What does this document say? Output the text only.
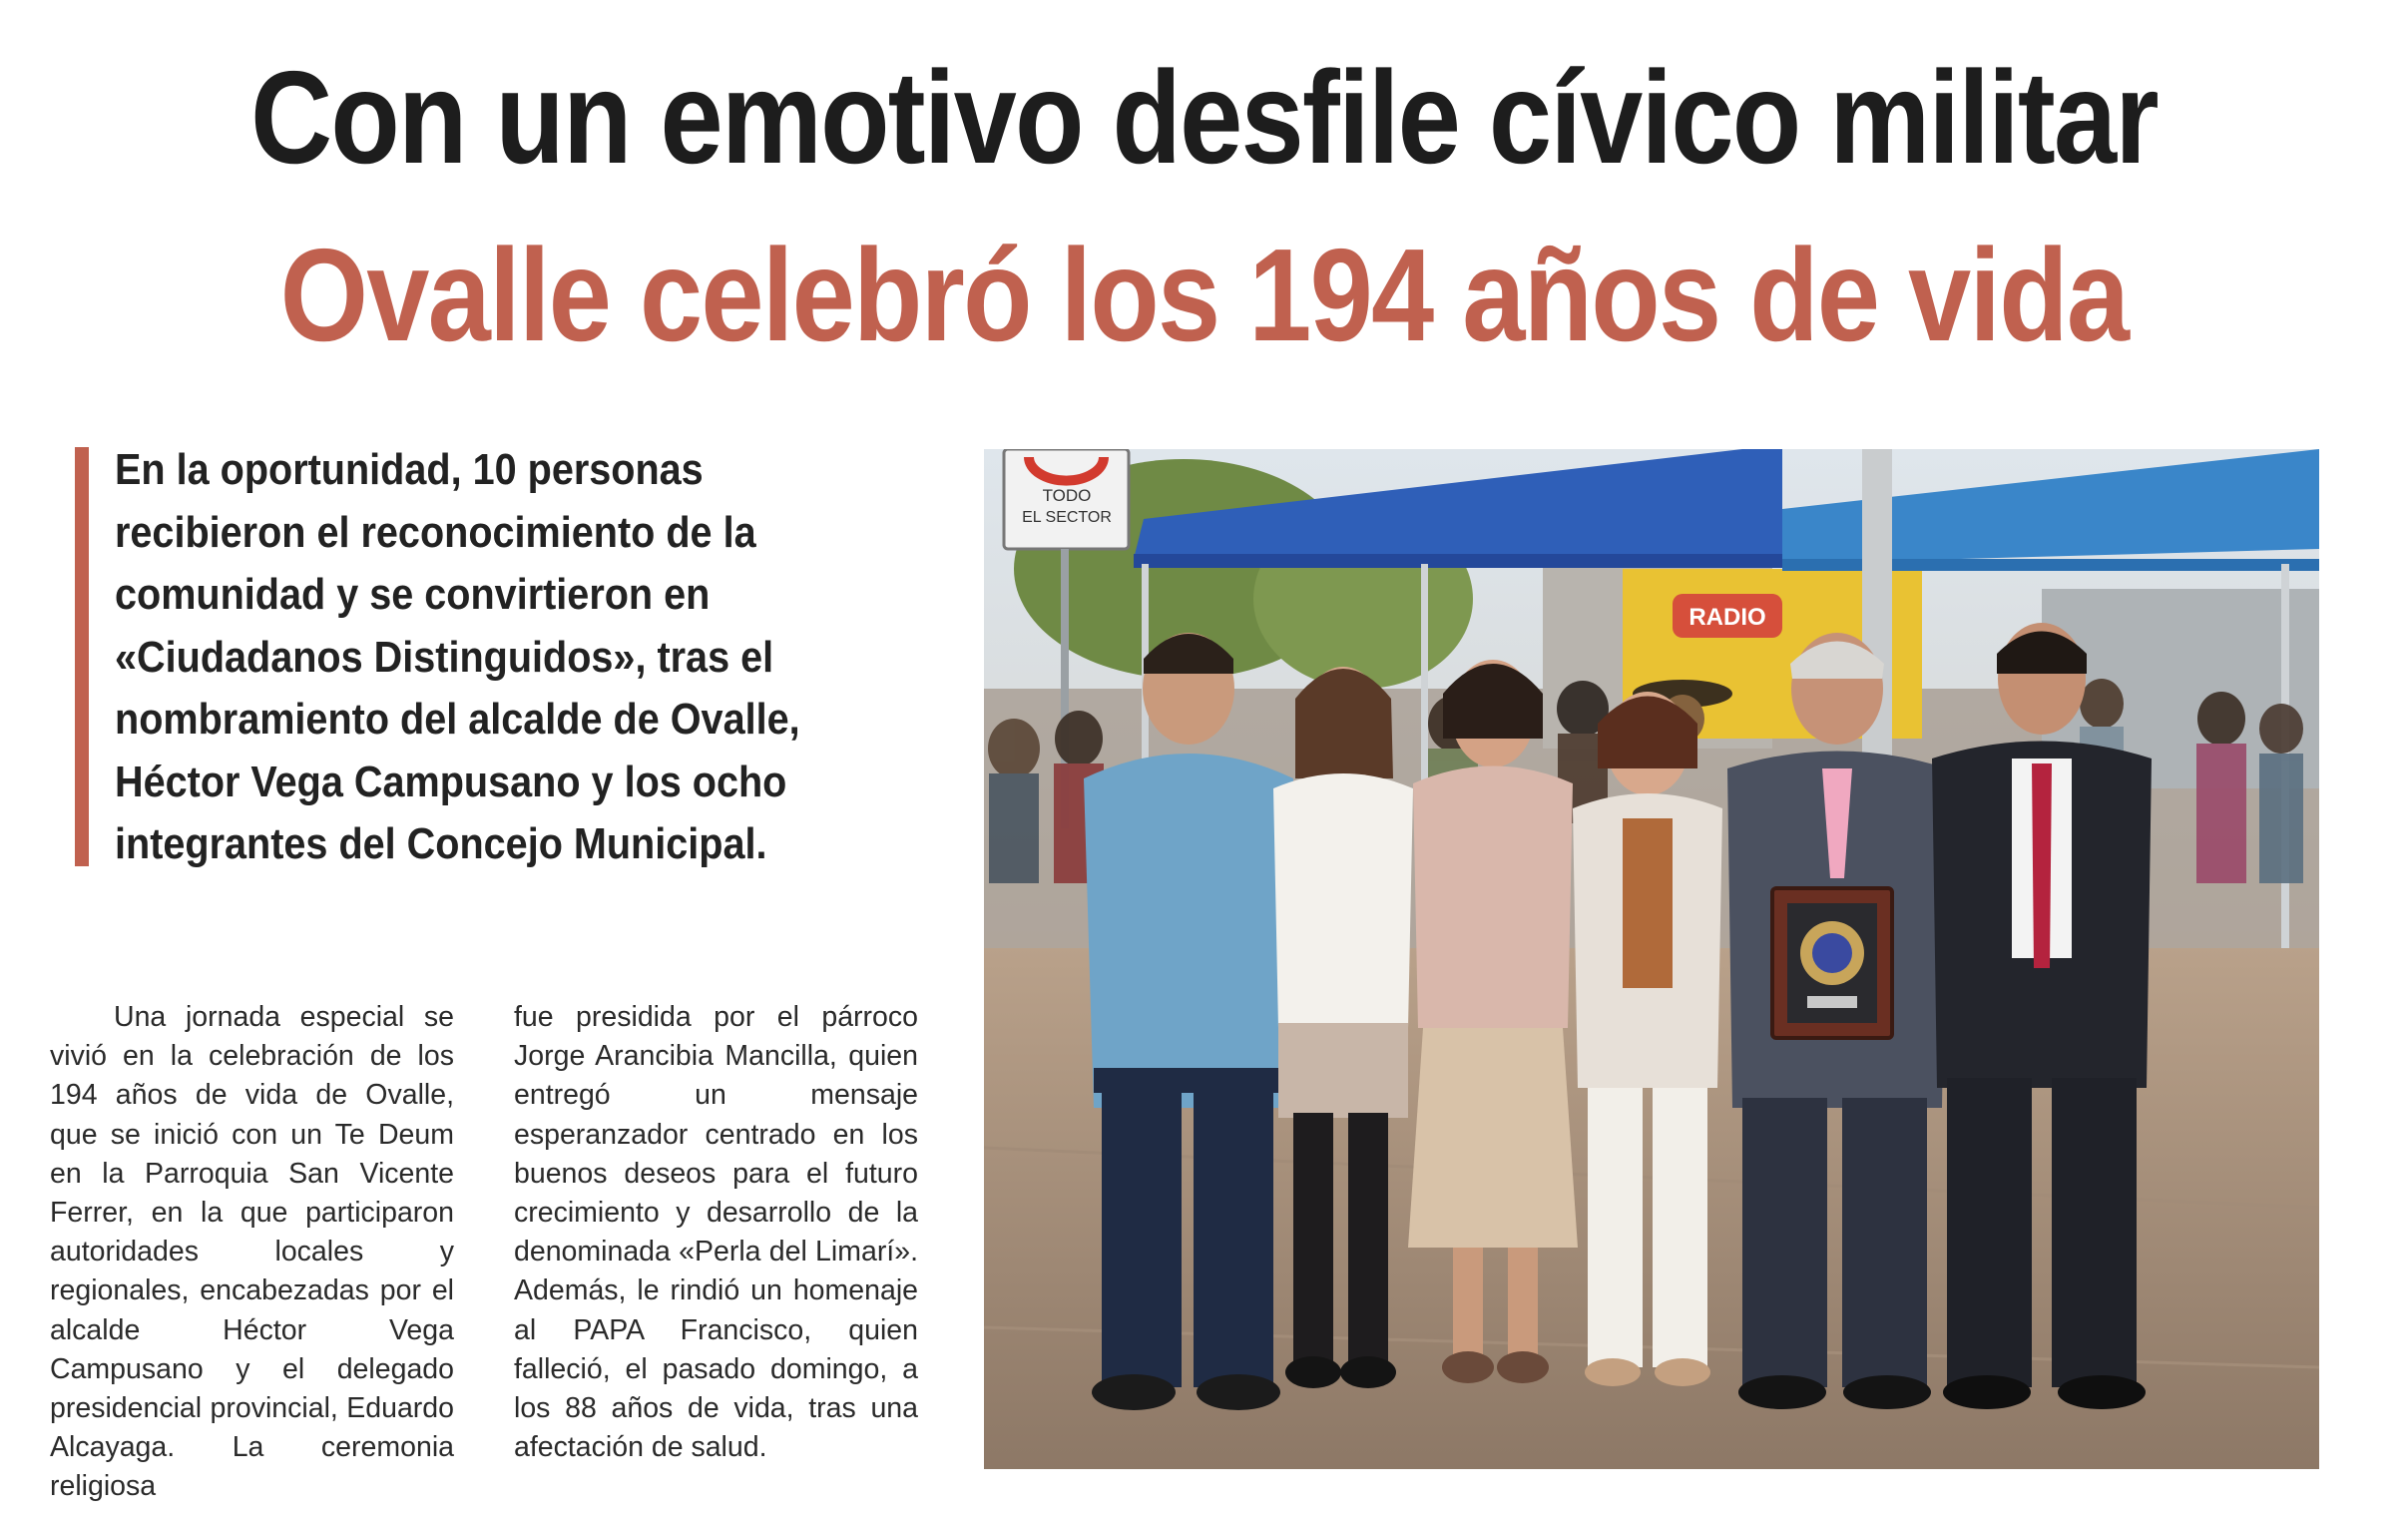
Con un emotivo desfile cívico militar
Ovalle celebró los 194 años de vida
En la oportunidad, 10 personas recibieron el reconocimiento de la comunidad y se convirtieron en «Ciudadanos Distinguidos», tras el nombramiento del alcalde de Ovalle, Héctor Vega Campusano y los ocho integrantes del Concejo Municipal.

Una jornada especial se vivió en la celebración de los 194 años de vida de Ovalle, que se inició con un Te Deum en la Parroquia San Vicente Ferrer, en la que participaron autoridades locales y regionales, encabezadas por el alcalde Héctor Vega Campusano y el delegado presidencial provincial, Eduardo Alcayaga. La ceremonia religiosa

fue presidida por el párroco Jorge Arancibia Mancilla, quien entregó un mensaje esperanzador centrado en los buenos deseos para el futuro crecimiento y desarrollo de la denominada «Perla del Limarí». Además, le rindió un homenaje al PAPA Francisco, quien falleció, el pasado domingo, a los 88 años de vida, tras una afectación de salud.

RADIO
TODO
EL SECTOR
